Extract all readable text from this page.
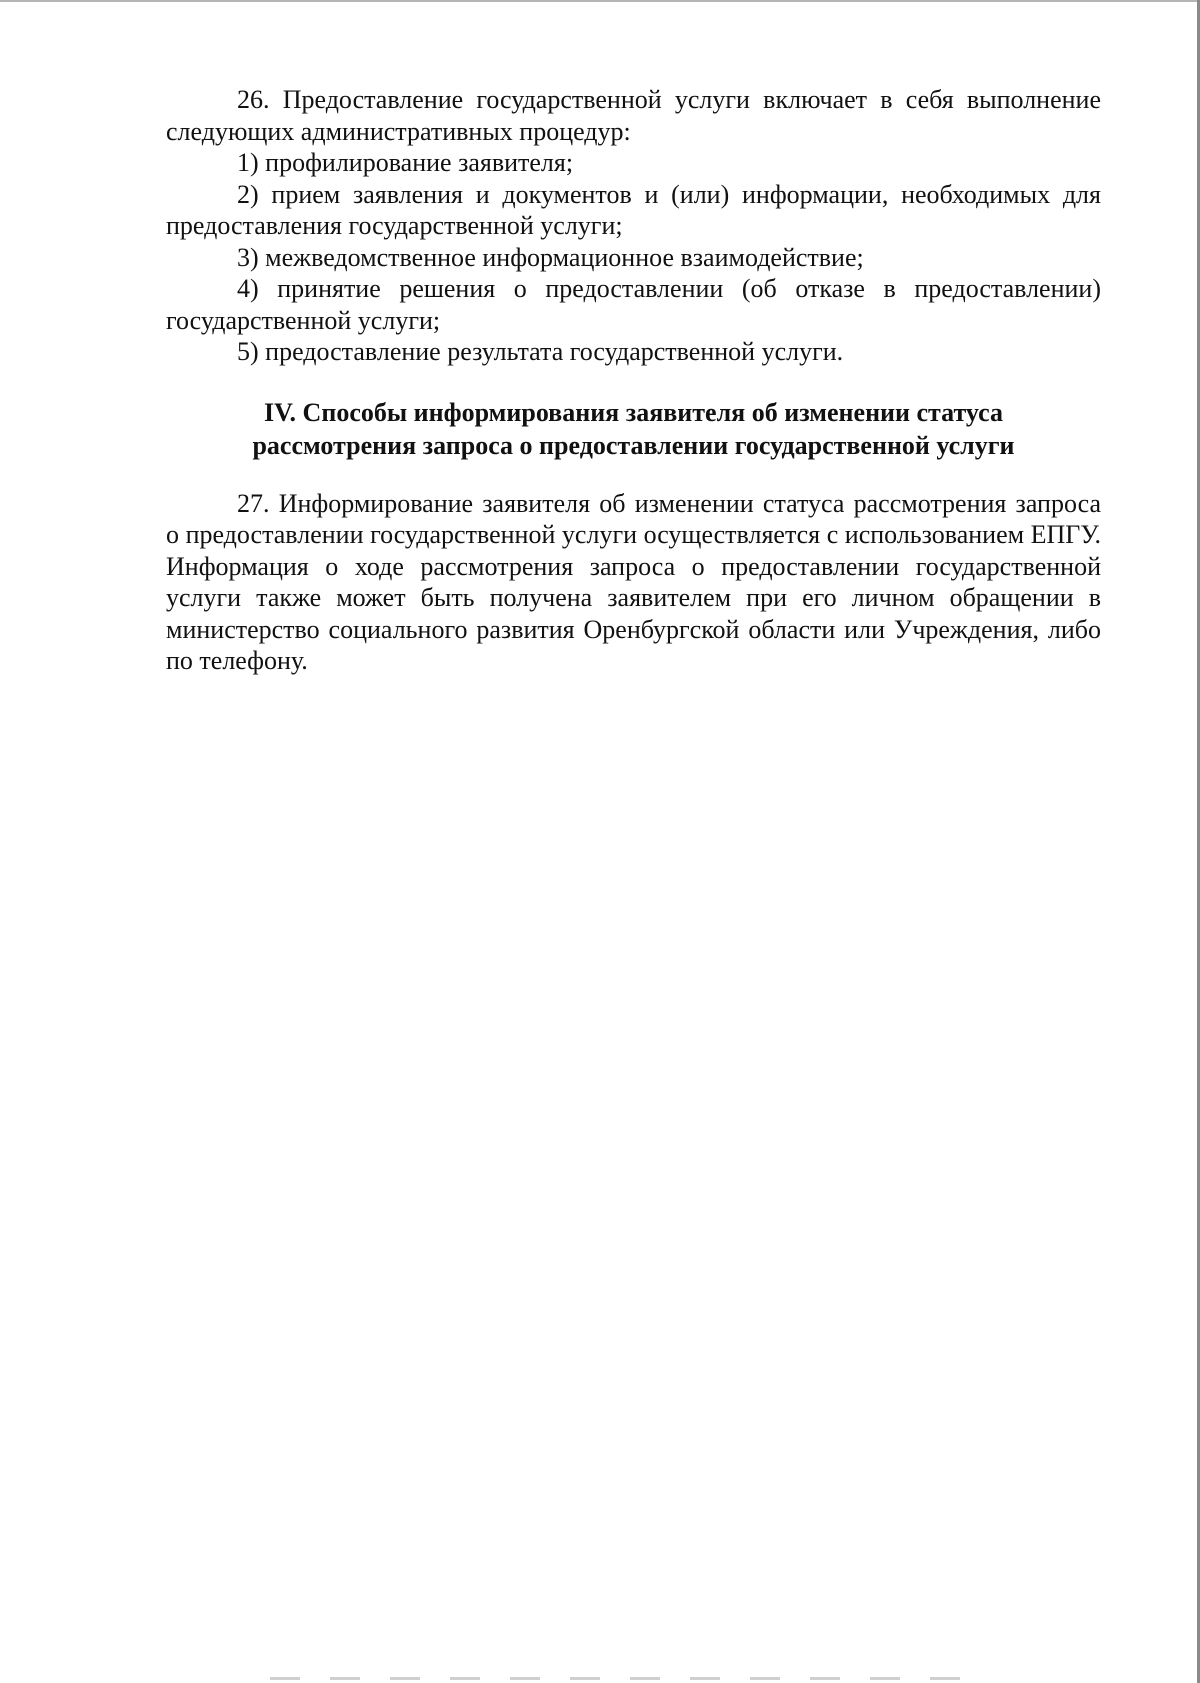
26. Предоставление государственной услуги включает в себя выполнение следующих административных процедур:

1) профилирование заявителя;

2) прием заявления и документов и (или) информации, необходимых для предоставления государственной услуги;

3) межведомственное информационное взаимодействие;

4) принятие решения о предоставлении (об отказе в предоставлении) государственной услуги;

5) предоставление результата государственной услуги.

IV. Способы информирования заявителя об изменении статуса
рассмотрения запроса о предоставлении государственной услуги

27. Информирование заявителя об изменении статуса рассмотрения запроса о предоставлении государственной услуги осуществляется с использованием ЕПГУ. Информация о ходе рассмотрения запроса о предоставлении государственной услуги также может быть получена заявителем при его личном обращении в министерство социального развития Оренбургской области или Учреждения, либо по телефону.
